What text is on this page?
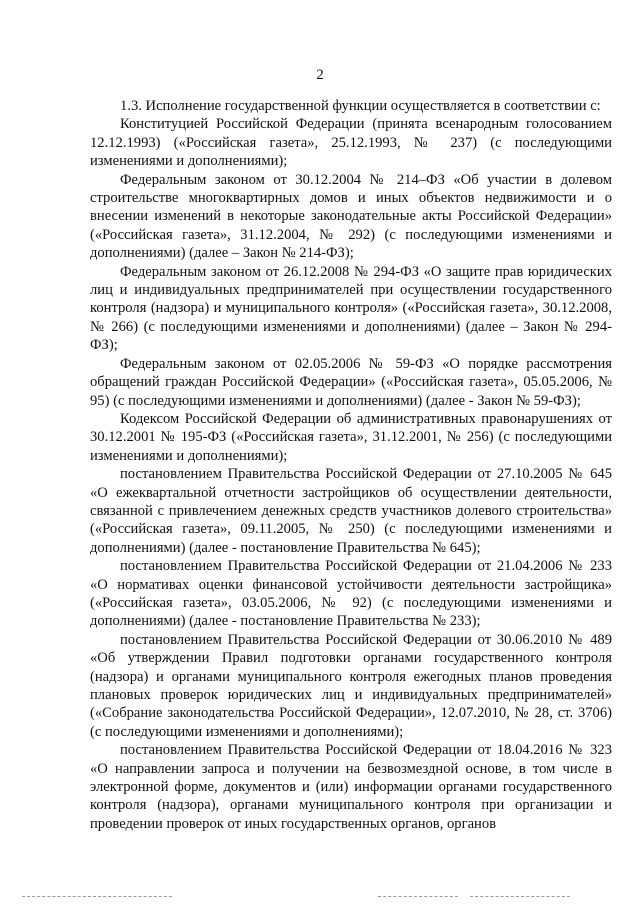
2

1.3. Исполнение государственной функции осуществляется в соответствии с:

Конституцией Российской Федерации (принята всенародным голосованием 12.12.1993) («Российская газета», 25.12.1993, № 237) (с последующими изменениями и дополнениями);

Федеральным законом от 30.12.2004 № 214–ФЗ «Об участии в долевом строительстве многоквартирных домов и иных объектов недвижимости и о внесении изменений в некоторые законодательные акты Российской Федерации» («Российская газета», 31.12.2004, № 292) (с последующими изменениями и дополнениями) (далее – Закон № 214-ФЗ);

Федеральным законом от 26.12.2008 № 294-ФЗ «О защите прав юридических лиц и индивидуальных предпринимателей при осуществлении государственного контроля (надзора) и муниципального контроля» («Российская газета», 30.12.2008, № 266) (с последующими изменениями и дополнениями) (далее – Закон № 294-ФЗ);

Федеральным законом от 02.05.2006 № 59-ФЗ «О порядке рассмотрения обращений граждан Российской Федерации» («Российская газета», 05.05.2006, № 95) (с последующими изменениями и дополнениями) (далее - Закон № 59-ФЗ);

Кодексом Российской Федерации об административных правонарушениях от 30.12.2001 № 195-ФЗ («Российская газета», 31.12.2001, № 256) (с последующими изменениями и дополнениями);

постановлением Правительства Российской Федерации от 27.10.2005 № 645 «О ежеквартальной отчетности застройщиков об осуществлении деятельности, связанной с привлечением денежных средств участников долевого строительства» («Российская газета», 09.11.2005, № 250) (с последующими изменениями и дополнениями) (далее - постановление Правительства № 645);

постановлением Правительства Российской Федерации от 21.04.2006 № 233 «О нормативах оценки финансовой устойчивости деятельности застройщика» («Российская газета», 03.05.2006, № 92) (с последующими изменениями и дополнениями) (далее - постановление Правительства № 233);

постановлением Правительства Российской Федерации от 30.06.2010 № 489 «Об утверждении Правил подготовки органами государственного контроля (надзора) и органами муниципального контроля ежегодных планов проведения плановых проверок юридических лиц и индивидуальных предпринимателей» («Собрание законодательства Российской Федерации», 12.07.2010, № 28, ст. 3706) (с последующими изменениями и дополнениями);

постановлением Правительства Российской Федерации от 18.04.2016 № 323 «О направлении запроса и получении на безвозмездной основе, в том числе в электронной форме, документов и (или) информации органами государственного контроля (надзора), органами муниципального контроля при организации и проведении проверок от иных государственных органов, органов
